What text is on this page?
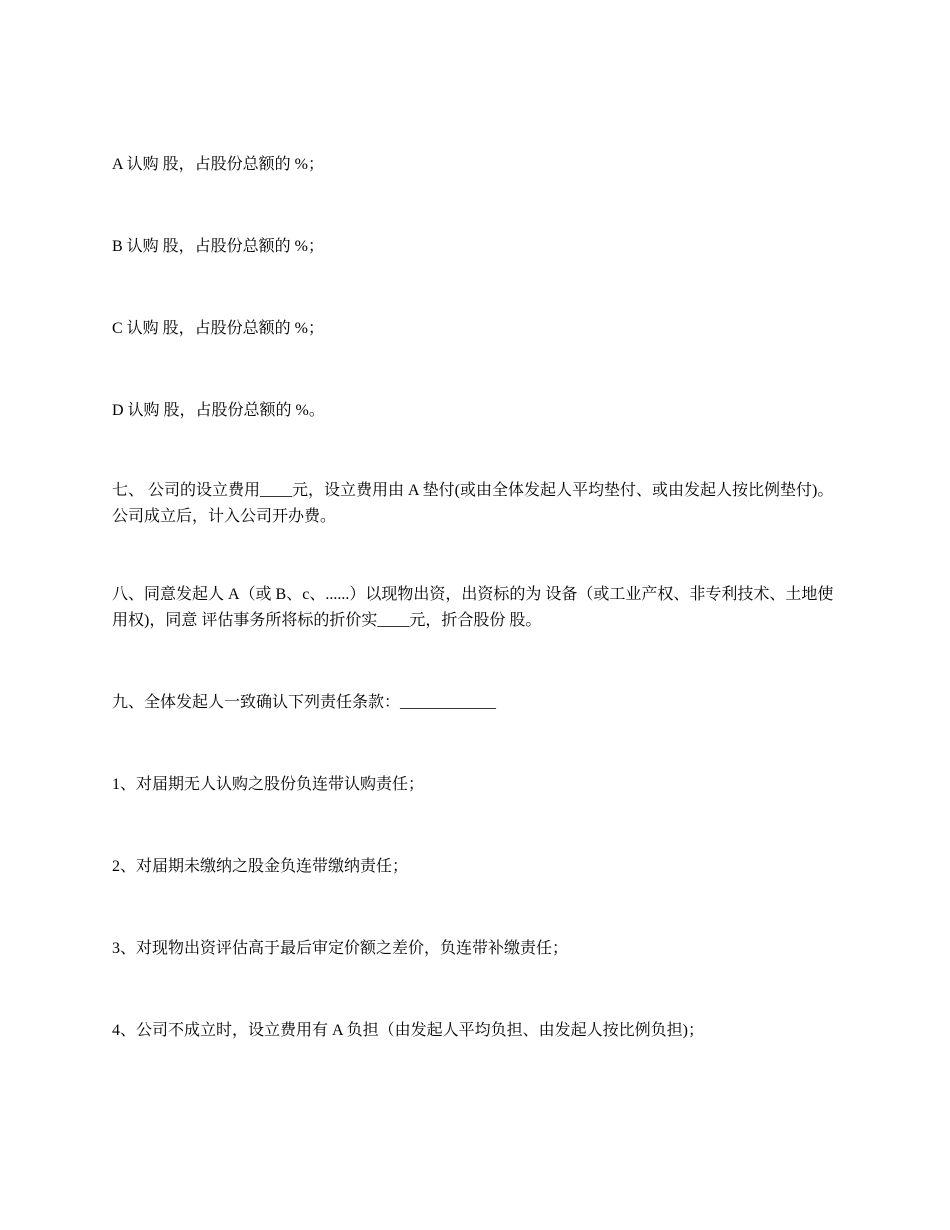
A 认购 股，占股份总额的 %；

B 认购 股，占股份总额的 %；

C 认购 股，占股份总额的 %；

D 认购 股，占股份总额的 %。

七、 公司的设立费用____元，设立费用由 A 垫付(或由全体发起人平均垫付、或由发起人按比例垫付)。公司成立后，计入公司开办费。

八、同意发起人 A（或 B、c、......）以现物出资，出资标的为 设备（或工业产权、非专利技术、土地使用权)，同意 评估事务所将标的折价实____元，折合股份 股。

九、全体发起人一致确认下列责任条款：____________

1、对届期无人认购之股份负连带认购责任；

2、对届期未缴纳之股金负连带缴纳责任；

3、对现物出资评估高于最后审定价额之差价，负连带补缴责任；

4、公司不成立时，设立费用有 A 负担（由发起人平均负担、由发起人按比例负担)；
